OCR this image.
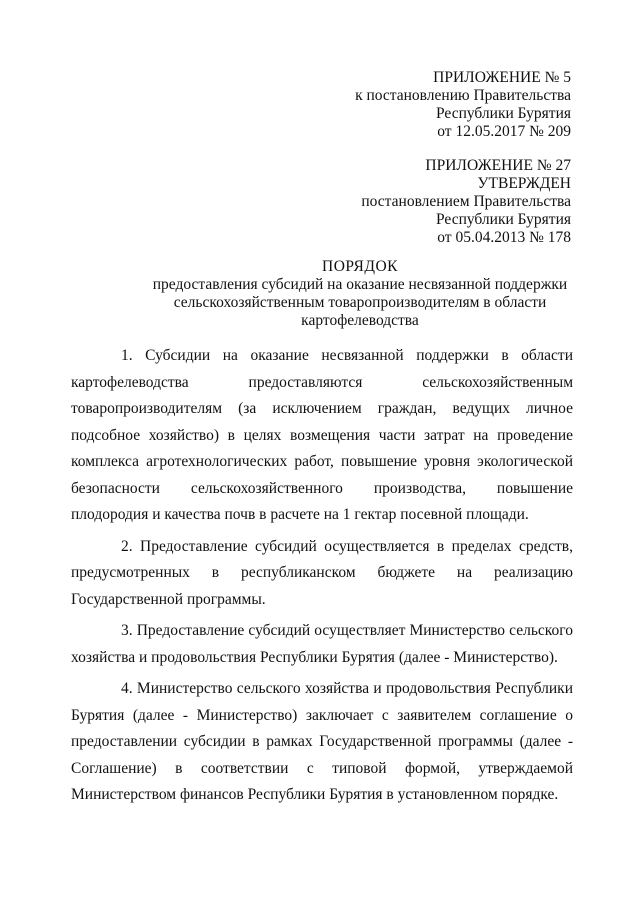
ПРИЛОЖЕНИЕ № 5
к постановлению Правительства
Республики Бурятия
от 12.05.2017 № 209
ПРИЛОЖЕНИЕ № 27
УТВЕРЖДЕН
постановлением Правительства
Республики Бурятия
от 05.04.2013 № 178
ПОРЯДОК
предоставления субсидий на оказание несвязанной поддержки
сельскохозяйственным товаропроизводителям в области
картофелеводства

1. Субсидии на оказание несвязанной поддержки в области картофелеводства предоставляются сельскохозяйственным товаропроизводителям (за исключением граждан, ведущих личное подсобное хозяйство) в целях возмещения части затрат на проведение комплекса агротехнологических работ, повышение уровня экологической безопасности сельскохозяйственного производства, повышение плодородия и качества почв в расчете на 1 гектар посевной площади.

2. Предоставление субсидий осуществляется в пределах средств, предусмотренных в республиканском бюджете на реализацию Государственной программы.

3. Предоставление субсидий осуществляет Министерство сельского хозяйства и продовольствия Республики Бурятия (далее - Министерство).

4. Министерство сельского хозяйства и продовольствия Республики Бурятия (далее - Министерство) заключает с заявителем соглашение о предоставлении субсидии в рамках Государственной программы (далее - Соглашение) в соответствии с типовой формой, утверждаемой Министерством финансов Республики Бурятия в установленном порядке.
